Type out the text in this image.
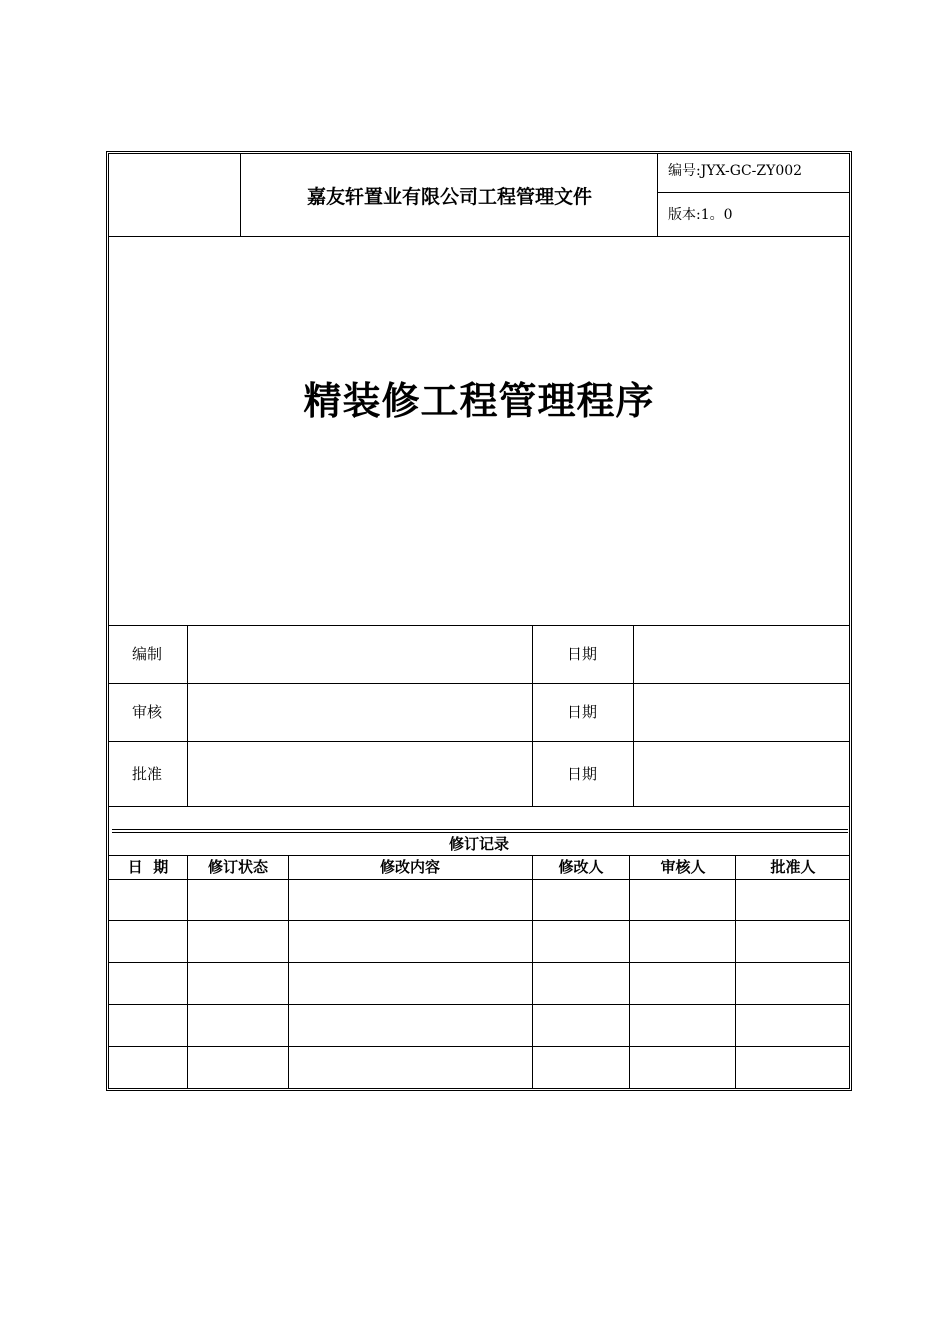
嘉友轩置业有限公司工程管理文件
编号:JYX-GC-ZY002
版本:1。0
精装修工程管理程序
编制	日期
审核	日期
批准	日期
修订记录
日  期	修订状态	修改内容	修改人	审核人	批准人
